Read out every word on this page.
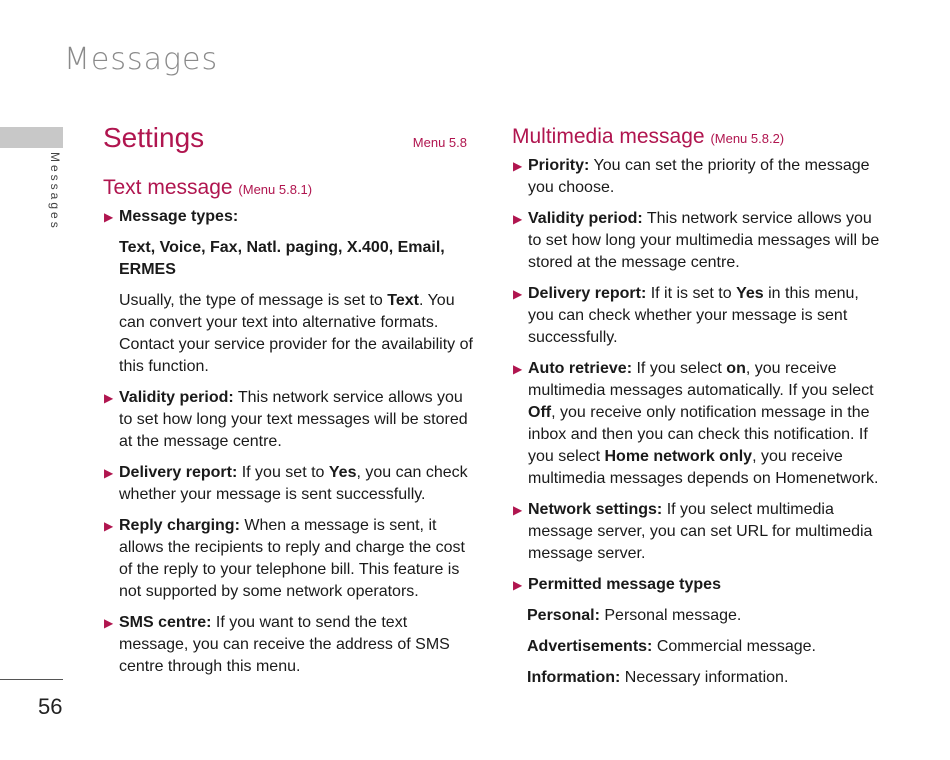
Messages
Messages
56
Settings	Menu 5.8
Text message (Menu 5.8.1)
▶ Message types:
Text, Voice, Fax, Natl. paging, X.400, Email, ERMES
Usually, the type of message is set to Text. You can convert your text into alternative formats. Contact your service provider for the availability of this function.
▶ Validity period: This network service allows you to set how long your text messages will be stored at the message centre.
▶ Delivery report: If you set to Yes, you can check whether your message is sent successfully.
▶ Reply charging: When a message is sent, it allows the recipients to reply and charge the cost of the reply to your telephone bill. This feature is not supported by some network operators.
▶ SMS centre: If you want to send the text message, you can receive the address of SMS centre through this menu.
Multimedia message (Menu 5.8.2)
▶ Priority: You can set the priority of the message you choose.
▶ Validity period: This network service allows you to set how long your multimedia messages will be stored at the message centre.
▶ Delivery report: If it is set to Yes in this menu, you can check whether your message is sent successfully.
▶ Auto retrieve: If you select on, you receive multimedia messages automatically. If you select Off, you receive only notification message in the inbox and then you can check this notification. If you select Home network only, you receive multimedia messages depends on Homenetwork.
▶ Network settings: If you select multimedia message server, you can set URL for multimedia message server.
▶ Permitted message types
Personal: Personal message.
Advertisements: Commercial message.
Information: Necessary information.
